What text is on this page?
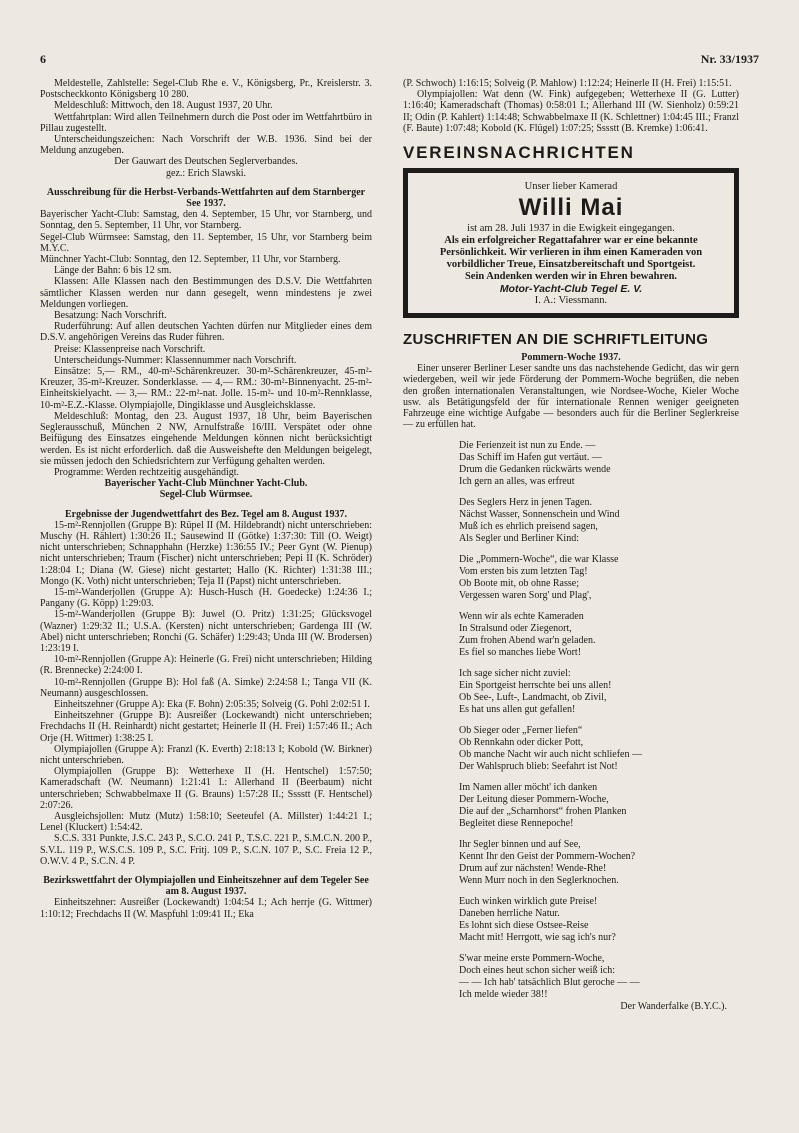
6	Nr. 33/1937

Meldestelle, Zahlstelle: Segel-Club Rhe e. V., Königsberg, Pr., Kreislerstr. 3. Postscheckkonto Königsberg 10 280.

Meldeschluß: Mittwoch, den 18. August 1937, 20 Uhr.

Wettfahrtplan: Wird allen Teilnehmern durch die Post oder im Wettfahrtbüro in Pillau zugestellt.

Unterscheidungszeichen: Nach Vorschrift der W.B. 1936. Sind bei der Meldung anzugeben.

Der Gauwart des Deutschen Seglerverbandes.

gez.: Erich Slawski.

Ausschreibung für die Herbst-Verbands-Wettfahrten auf dem Starnberger See 1937.

Bayerischer Yacht-Club: Samstag, den 4. September, 15 Uhr, vor Starnberg, und Sonntag, den 5. September, 11 Uhr, vor Starnberg.

Segel-Club Würmsee: Samstag, den 11. September, 15 Uhr, vor Starnberg beim M.Y.C.

Münchner Yacht-Club: Sonntag, den 12. September, 11 Uhr, vor Starnberg.

Länge der Bahn: 6 bis 12 sm.

Klassen: Alle Klassen nach den Bestimmungen des D.S.V. Die Wettfahrten sämtlicher Klassen werden nur dann gesegelt, wenn mindestens je zwei Meldungen vorliegen.

Besatzung: Nach Vorschrift.

Ruderführung: Auf allen deutschen Yachten dürfen nur Mitglieder eines dem D.S.V. angehörigen Vereins das Ruder führen.

Preise: Klassenpreise nach Vorschrift.

Unterscheidungs-Nummer: Klassennummer nach Vorschrift.

Einsätze: 5,— RM., 40-m²-Schärenkreuzer. 30-m²-Schärenkreuzer, 45-m²-Kreuzer, 35-m²-Kreuzer. Sonderklasse. — 4,— RM.: 30-m²-Binnenyacht. 25-m²-Einheitskielyacht. — 3,— RM.: 22-m²-nat. Jolle. 15-m²- und 10-m²-Rennklasse, 10-m²-E.Z.-Klasse. Olympiajolle, Dingiklasse und Ausgleichsklasse.

Meldeschluß: Montag, den 23. August 1937, 18 Uhr, beim Bayerischen Seglerausschuß, München 2 NW, Arnulfstraße 16/III. Verspätet oder ohne Beifügung des Einsatzes eingehende Meldungen können nicht berücksichtigt werden. Es ist nicht erforderlich. daß die Ausweishefte den Meldungen beigelegt, sie müssen jedoch den Schiedsrichtern zur Verfügung gehalten werden.

Programme: Werden rechtzeitig ausgehändigt.

Bayerischer Yacht-Club Münchner Yacht-Club.

Segel-Club Würmsee.

Ergebnisse der Jugendwettfahrt des Bez. Tegel am 8. August 1937.

15-m²-Rennjollen (Gruppe B): Rüpel II (M. Hildebrandt) nicht unterschrieben: Muschy (H. Rählert) 1:30:26 II.; Sausewind II (Götke) 1:37:30: Till (O. Weigt) nicht unterschrieben; Schnapphahn (Herzke) 1:36:55 IV.; Peer Gynt (W. Pienup) nicht unterschrieben; Traum (Fischer) nicht unterschrieben; Pepi II (K. Schröder) 1:28:04 I.; Diana (W. Giese) nicht gestartet; Hallo (K. Richter) 1:31:38 III.; Mongo (K. Voth) nicht unterschrieben; Teja II (Papst) nicht unterschrieben.

15-m²-Wanderjollen (Gruppe A): Husch-Husch (H. Goedecke) 1:24:36 I.; Pangany (G. Köpp) 1:29:03.

15-m²-Wanderjollen (Gruppe B): Juwel (O. Pritz) 1:31:25; Glücksvogel (Wazner) 1:29:32 II.; U.S.A. (Kersten) nicht unterschrieben; Gardenga III (W. Abel) nicht unterschrieben; Ronchi (G. Schäfer) 1:29:43; Unda III (W. Brodersen) 1:23:19 I.

10-m²-Rennjollen (Gruppe A): Heinerle (G. Frei) nicht unterschrieben; Hilding (R. Brennecke) 2:24:00 I.

10-m²-Rennjollen (Gruppe B): Hol faß (A. Simke) 2:24:58 I.; Tanga VII (K. Neumann) ausgeschlossen.

Einheitszehner (Gruppe A): Eka (F. Bohn) 2:05:35; Solveig (G. Pohl 2:02:51 I.

Einheitszehner (Gruppe B): Ausreißer (Lockewandt) nicht unterschrieben; Frechdachs II (H. Reinhardt) nicht gestartet; Heinerle II (H. Frei) 1:57:46 II.; Ach Orje (H. Wittmer) 1:38:25 I.

Olympiajollen (Gruppe A): Franzl (K. Everth) 2:18:13 I; Kobold (W. Birkner) nicht unterschrieben.

Olympiajollen (Gruppe B): Wetterhexe II (H. Hentschel) 1:57:50; Kameradschaft (W. Neumann) 1:21:41 I.: Allerhand II (Beerbaum) nicht unterschrieben; Schwabbelmaxe II (G. Brauns) 1:57:28 II.; Sssstt (F. Hentschel) 2:07:26.

Ausgleichsjollen: Mutz (Mutz) 1:58:10; Seeteufel (A. Millster) 1:44:21 I.; Lenel (Kluckert) 1:54:42.

S.C.S. 331 Punkte, J.S.C. 243 P., S.C.O. 241 P., T.S.C. 221 P., S.M.C.N. 200 P., S.V.L. 119 P., W.S.C.S. 109 P., S.C. Fritj. 109 P., S.C.N. 107 P., S.C. Freia 12 P., O.W.V. 4 P., S.C.N. 4 P.

Bezirkswettfahrt der Olympiajollen und Einheitszehner auf dem Tegeler See am 8. August 1937.

Einheitszehner: Ausreißer (Lockewandt) 1:04:54 I.; Ach herrje (G. Wittmer) 1:10:12; Frechdachs II (W. Maspfuhl 1:09:41 II.; Eka

(P. Schwoch) 1:16:15; Solveig (P. Mahlow) 1:12:24; Heinerle II (H. Frei) 1:15:51.

Olympiajollen: Wat denn (W. Fink) aufgegeben; Wetterhexe II (G. Lutter) 1:16:40; Kameradschaft (Thomas) 0:58:01 I.; Allerhand III (W. Sienholz) 0:59:21 II; Odin (P. Kahlert) 1:14:48; Schwabbelmaxe II (K. Schlettner) 1:04:45 III.; Franzl (F. Baute) 1:07:48; Kobold (K. Flügel) 1:07:25; Sssstt (B. Kremke) 1:06:41.

VEREINSNACHRICHTEN

Unser lieber Kamerad

Willi Mai

ist am 28. Juli 1937 in die Ewigkeit eingegangen.

Als ein erfolgreicher Regattafahrer war er eine bekannte Persönlichkeit. Wir verlieren in ihm einen Kameraden von vorbildlicher Treue, Einsatzbereitschaft und Sportgeist.

Sein Andenken werden wir in Ehren bewahren.

Motor-Yacht-Club Tegel E. V.

I. A.: Viessmann.

ZUSCHRIFTEN AN DIE SCHRIFTLEITUNG

Pommern-Woche 1937.

Einer unserer Berliner Leser sandte uns das nachstehende Gedicht, das wir gern wiedergeben, weil wir jede Förderung der Pommern-Woche begrüßen, die neben den großen internationalen Veranstaltungen, wie Nordsee-Woche, Kieler Woche usw. als Betätigungsfeld der für internationale Rennen weniger geeigneten Fahrzeuge eine wichtige Aufgabe — besonders auch für die Berliner Seglerkreise — zu erfüllen hat.

Die Ferienzeit ist nun zu Ende. —
Das Schiff im Hafen gut vertäut. —
Drum die Gedanken rückwärts wende
Ich gern an alles, was erfreut
Des Seglers Herz in jenen Tagen.
Nächst Wasser, Sonnenschein und Wind
Muß ich es ehrlich preisend sagen,
Als Segler und Berliner Kind:
Die „Pommern-Woche“, die war Klasse
Vom ersten bis zum letzten Tag!
Ob Boote mit, ob ohne Rasse;
Vergessen waren Sorg' und Plag',
Wenn wir als echte Kameraden
In Stralsund oder Ziegenort,
Zum frohen Abend war'n geladen.
Es fiel so manches liebe Wort!
Ich sage sicher nicht zuviel:
Ein Sportgeist herrschte bei uns allen!
Ob See-, Luft-, Landmacht, ob Zivil,
Es hat uns allen gut gefallen!
Ob Sieger oder „Ferner liefen“
Ob Rennkahn oder dicker Pott,
Ob manche Nacht wir auch nicht schliefen —
Der Wahlspruch blieb: Seefahrt ist Not!
Im Namen aller möcht' ich danken
Der Leitung dieser Pommern-Woche,
Die auf der „Scharnhorst“ frohen Planken
Begleitet diese Rennepoche!
Ihr Segler binnen und auf See,
Kennt Ihr den Geist der Pommern-Wochen?
Drum auf zur nächsten! Wende-Rhe!
Wenn Murr noch in den Seglerknochen.
Euch winken wirklich gute Preise!
Daneben herrliche Natur.
Es lohnt sich diese Ostsee-Reise
Macht mit! Herrgott, wie sag ich's nur?
S'war meine erste Pommern-Woche,
Doch eines heut schon sicher weiß ich:
— — Ich hab' tatsächlich Blut geroche — —
Ich melde wieder 38!!
Der Wanderfalke (B.Y.C.).
